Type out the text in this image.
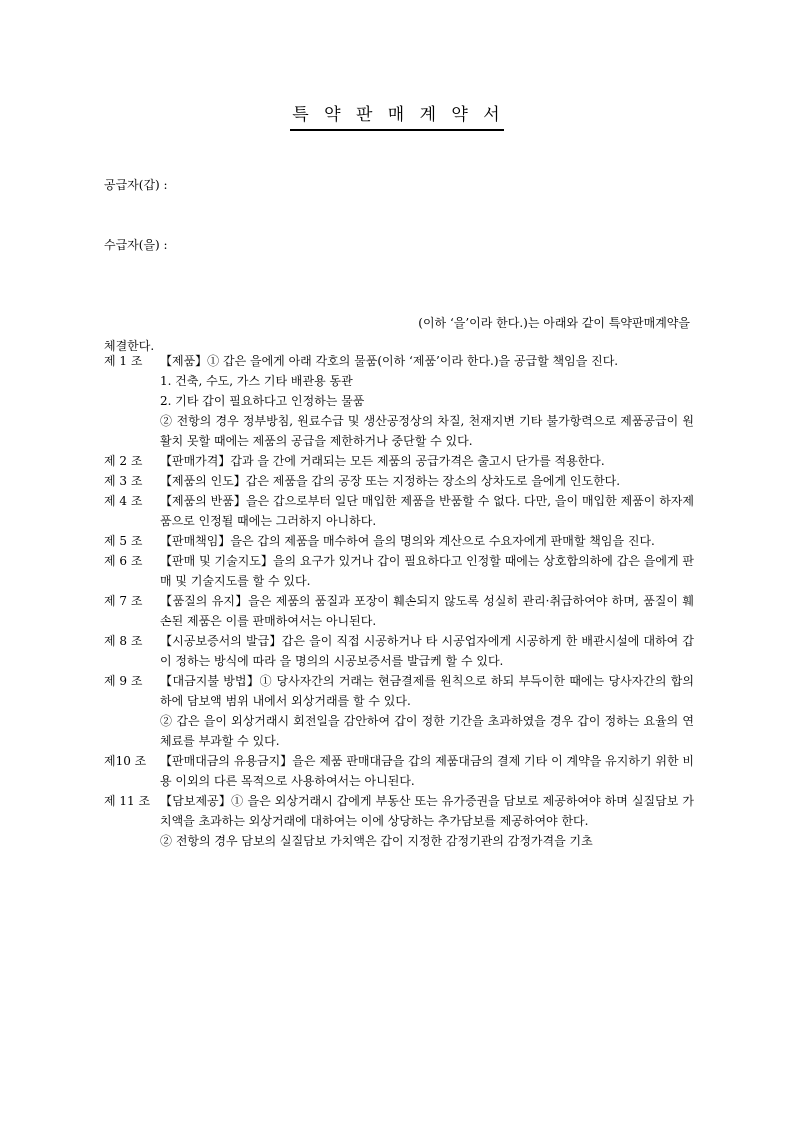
특 약 판 매 계 약 서
공급자(갑) :
수급자(을) :
(이하 ‘을’이라 한다.)는 아래와 같이 특약판매계약을
체결한다.
제 1 조	【제품】① 갑은 을에게 아래 각호의 물품(이하 ‘제품’이라 한다.)을 공급할 책임을 진다.
1. 건축, 수도, 가스 기타 배관용 동관
2. 기타 갑이 필요하다고 인정하는 물품
② 전항의 경우 정부방침, 원료수급 및 생산공정상의 차질, 천재지변 기타 불가항력으로 제품공급이 원활치 못할 때에는 제품의 공급을 제한하거나 중단할 수 있다.
제 2 조	【판매가격】갑과 을 간에 거래되는 모든 제품의 공급가격은 출고시 단가를 적용한다.
제 3 조	【제품의 인도】갑은 제품을 갑의 공장 또는 지정하는 장소의 상차도로 을에게 인도한다.
제 4 조	【제품의 반품】을은 갑으로부터 일단 매입한 제품을 반품할 수 없다. 다만, 을이 매입한 제품이 하자제품으로 인정될 때에는 그러하지 아니하다.
제 5 조	【판매책임】을은 갑의 제품을 매수하여 을의 명의와 계산으로 수요자에게 판매할 책임을 진다.
제 6 조	【판매 및 기술지도】을의 요구가 있거나 갑이 필요하다고 인정할 때에는 상호합의하에 갑은 을에게 판매 및 기술지도를 할 수 있다.
제 7 조	【품질의 유지】을은 제품의 품질과 포장이 훼손되지 않도록 성실히 관리·취급하여야 하며, 품질이 훼손된 제품은 이를 판매하여서는 아니된다.
제 8 조	【시공보증서의 발급】갑은 을이 직접 시공하거나 타 시공업자에게 시공하게 한 배관시설에 대하여 갑이 정하는 방식에 따라 을 명의의 시공보증서를 발급케 할 수 있다.
제 9 조	【대금지불 방법】① 당사자간의 거래는 현금결제를 원칙으로 하되 부득이한 때에는 당사자간의 합의하에 담보액 범위 내에서 외상거래를 할 수 있다.
② 갑은 을이 외상거래시 회전일을 감안하여 갑이 정한 기간을 초과하였을 경우 갑이 정하는 요율의 연체료를 부과할 수 있다.
제10 조	【판매대금의 유용금지】을은 제품 판매대금을 갑의 제품대금의 결제 기타 이 계약을 유지하기 위한 비용 이외의 다른 목적으로 사용하여서는 아니된다.
제 11 조 【담보제공】① 을은 외상거래시 갑에게 부동산 또는 유가증권을 담보로 제공하여야 하며 실질담보 가치액을 초과하는 외상거래에 대하여는 이에 상당하는 추가담보를 제공하여야 한다.
② 전항의 경우 담보의 실질담보 가치액은 갑이 지정한 감정기관의 감정가격을 기초
